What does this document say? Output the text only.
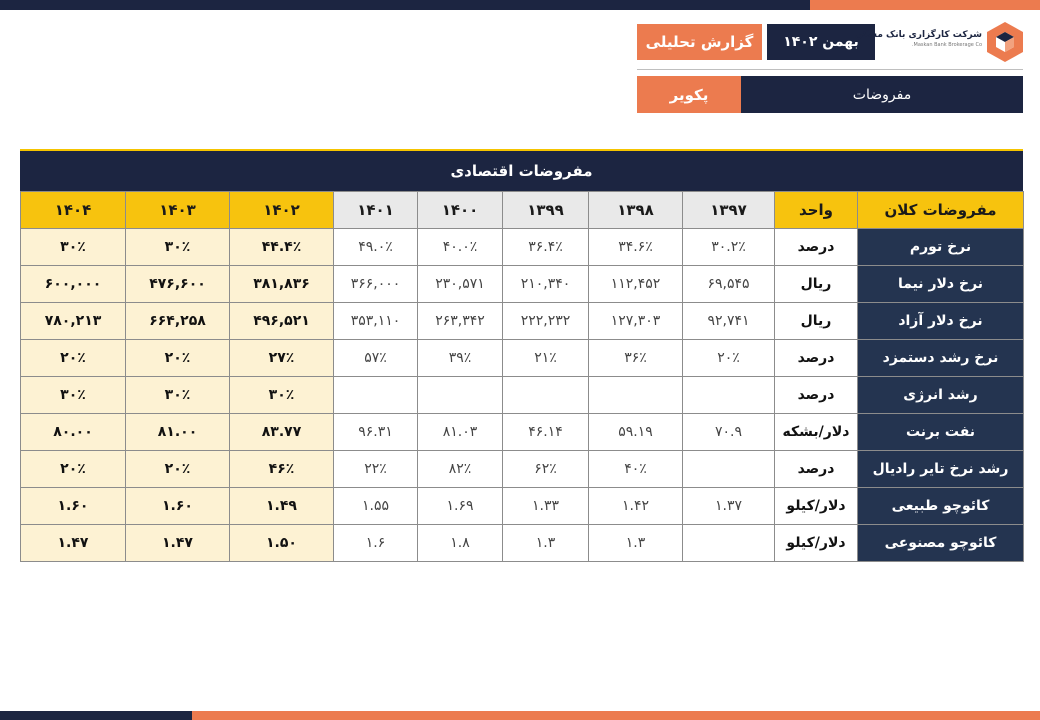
گزارش تحلیلی	بهمن ۱۴۰۲
شرکت کارگزاری بانک مسکن
Maskan Bank Brokerage Co.
مفروضات
پکویر
مفروضات اقتصادی
مفروضات کلان	واحد	۱۳۹۷	۱۳۹۸	۱۳۹۹	۱۴۰۰	۱۴۰۱	۱۴۰۲	۱۴۰۳	۱۴۰۴
نرخ تورم	درصد	۳۰.۲٪	۳۴.۶٪	۳۶.۴٪	۴۰.۰٪	۴۹.۰٪	۴۴.۴٪	۳۰٪	۳۰٪
نرخ دلار نیما	ریال	۶۹,۵۴۵	۱۱۲,۴۵۲	۲۱۰,۳۴۰	۲۳۰,۵۷۱	۳۶۶,۰۰۰	۳۸۱,۸۳۶	۴۷۶,۶۰۰	۶۰۰,۰۰۰
نرخ دلار آزاد	ریال	۹۲,۷۴۱	۱۲۷,۳۰۳	۲۲۲,۲۳۲	۲۶۳,۳۴۲	۳۵۳,۱۱۰	۴۹۶,۵۲۱	۶۶۴,۲۵۸	۷۸۰,۲۱۳
نرخ رشد دستمزد	درصد	۲۰٪	۳۶٪	۲۱٪	۳۹٪	۵۷٪	۲۷٪	۲۰٪	۲۰٪
رشد انرژی	درصد						۳۰٪	۳۰٪	۳۰٪
نفت برنت	دلار/بشکه	۷۰.۹	۵۹.۱۹	۴۶.۱۴	۸۱.۰۳	۹۶.۳۱	۸۳.۷۷	۸۱.۰۰	۸۰.۰۰
رشد نرخ تایر رادیال	درصد		۴۰٪	۶۲٪	۸۲٪	۲۲٪	۴۶٪	۲۰٪	۲۰٪
کائوچو طبیعی	دلار/کیلو	۱.۳۷	۱.۴۲	۱.۳۳	۱.۶۹	۱.۵۵	۱.۴۹	۱.۶۰	۱.۶۰
کائوچو مصنوعی	دلار/کیلو		۱.۳	۱.۳	۱.۸	۱.۶	۱.۵۰	۱.۴۷	۱.۴۷
